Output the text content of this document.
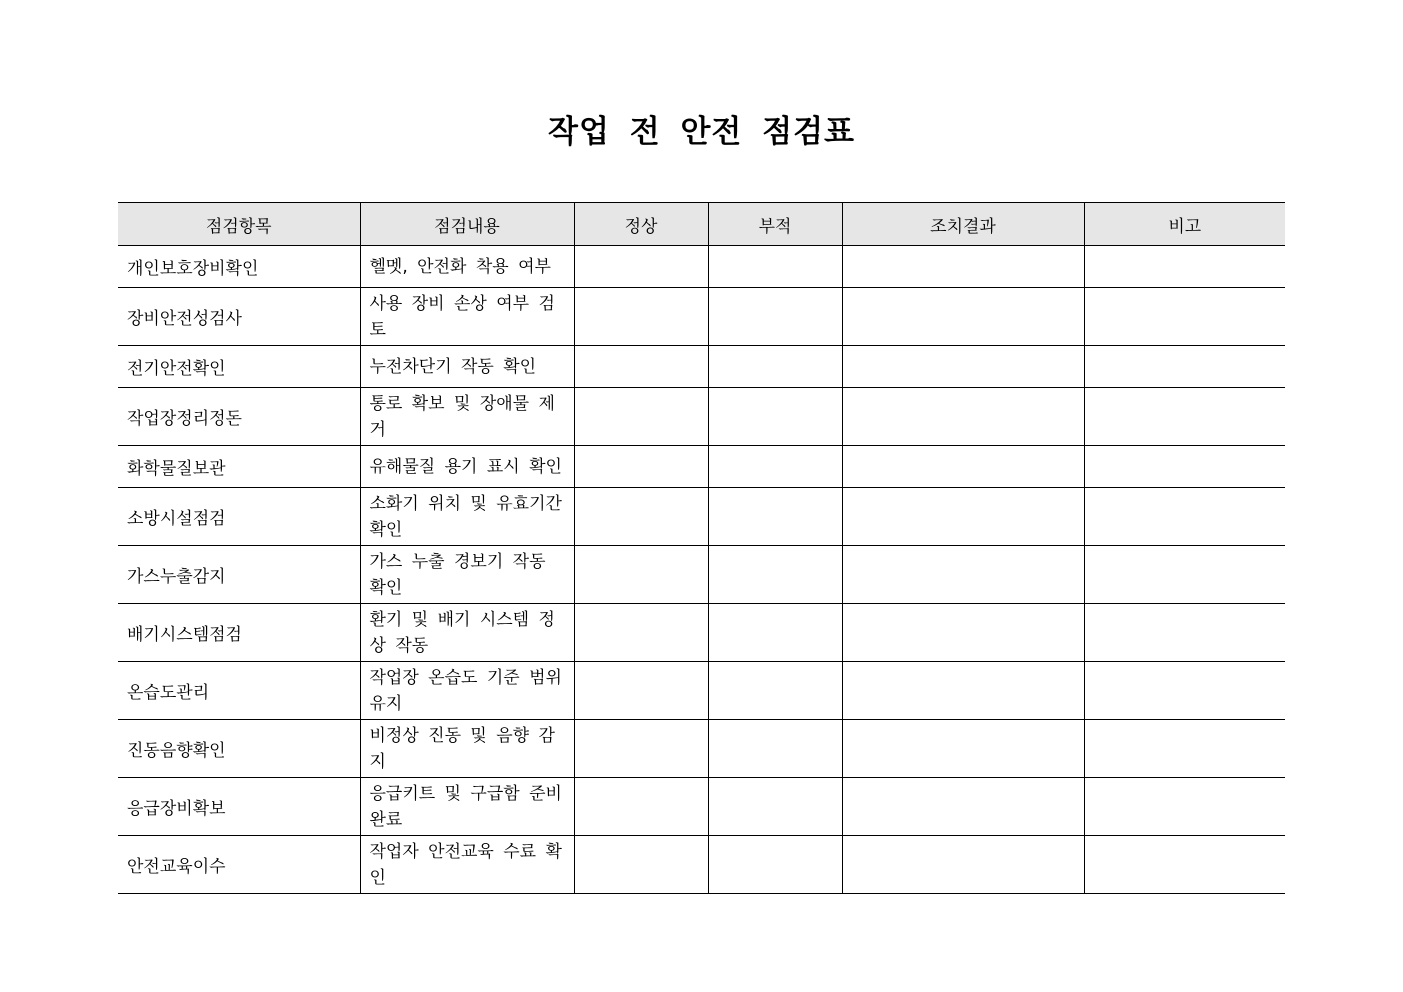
작업 전 안전 점검표
점검항목	점검내용	정상	부적	조치결과	비고
개인보호장비확인	헬멧, 안전화 착용 여부				
장비안전성검사	사용 장비 손상 여부 검토				
전기안전확인	누전차단기 작동 확인				
작업장정리정돈	통로 확보 및 장애물 제거				
화학물질보관	유해물질 용기 표시 확인				
소방시설점검	소화기 위치 및 유효기간 확인				
가스누출감지	가스 누출 경보기 작동 확인				
배기시스템점검	환기 및 배기 시스템 정상 작동				
온습도관리	작업장 온습도 기준 범위 유지				
진동음향확인	비정상 진동 및 음향 감지				
응급장비확보	응급키트 및 구급함 준비 완료				
안전교육이수	작업자 안전교육 수료 확인				
